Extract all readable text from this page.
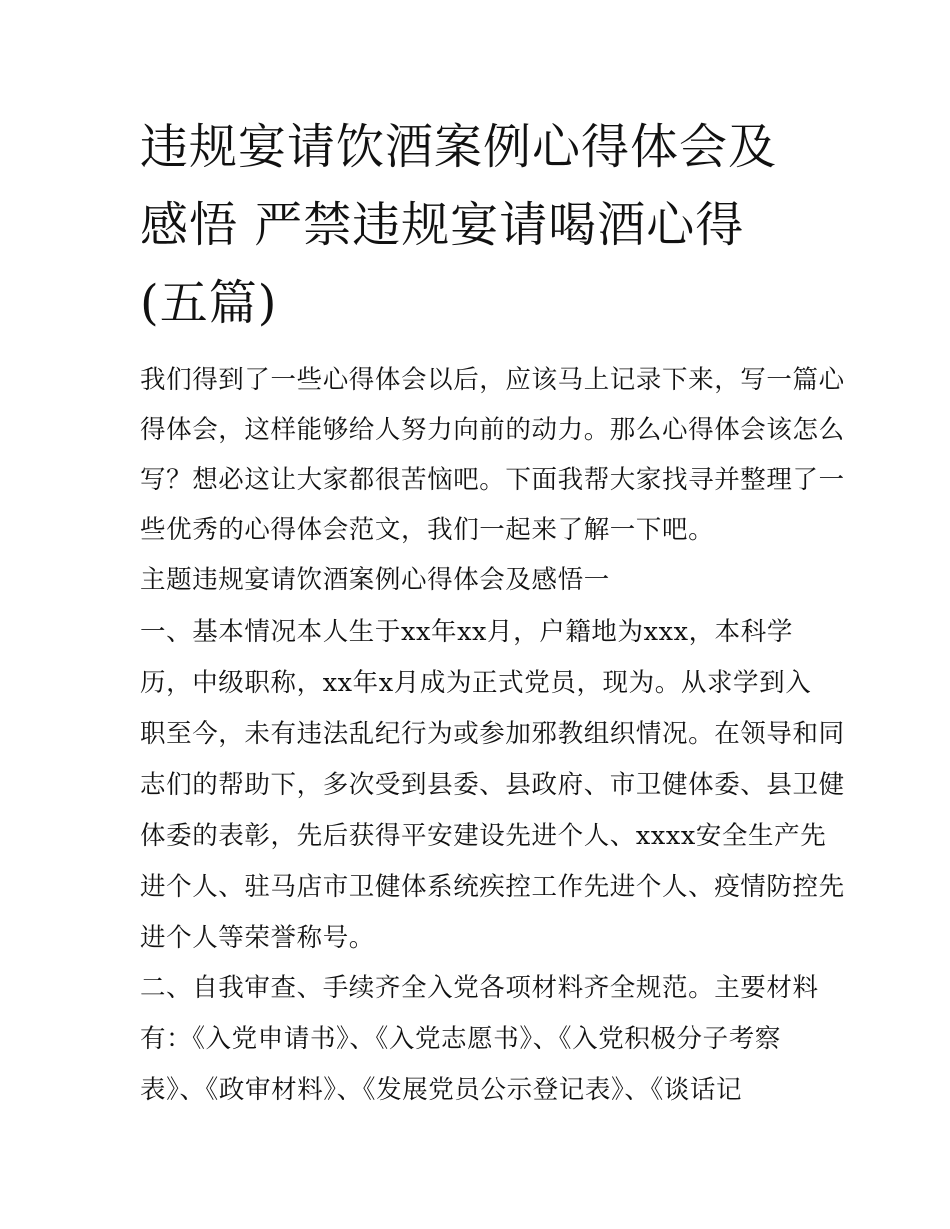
违规宴请饮酒案例心得体会及
感悟 严禁违规宴请喝酒心得
(五篇)
我们得到了一些心得体会以后，应该马上记录下来，写一篇心
得体会，这样能够给人努力向前的动力。那么心得体会该怎么
写？想必这让大家都很苦恼吧。下面我帮大家找寻并整理了一
些优秀的心得体会范文，我们一起来了解一下吧。
主题违规宴请饮酒案例心得体会及感悟一
一、基本情况本人生于xx年xx月，户籍地为xxx，本科学
历，中级职称，xx年x月成为正式党员，现为。从求学到入
职至今，未有违法乱纪行为或参加邪教组织情况。在领导和同
志们的帮助下，多次受到县委、县政府、市卫健体委、县卫健
体委的表彰，先后获得平安建设先进个人、xxxx安全生产先
进个人、驻马店市卫健体系统疾控工作先进个人、疫情防控先
进个人等荣誉称号。
二、自我审查、手续齐全入党各项材料齐全规范。主要材料
有：《入党申请书》、《入党志愿书》、《入党积极分子考察
表》、《政审材料》、《发展党员公示登记表》、《谈话记
